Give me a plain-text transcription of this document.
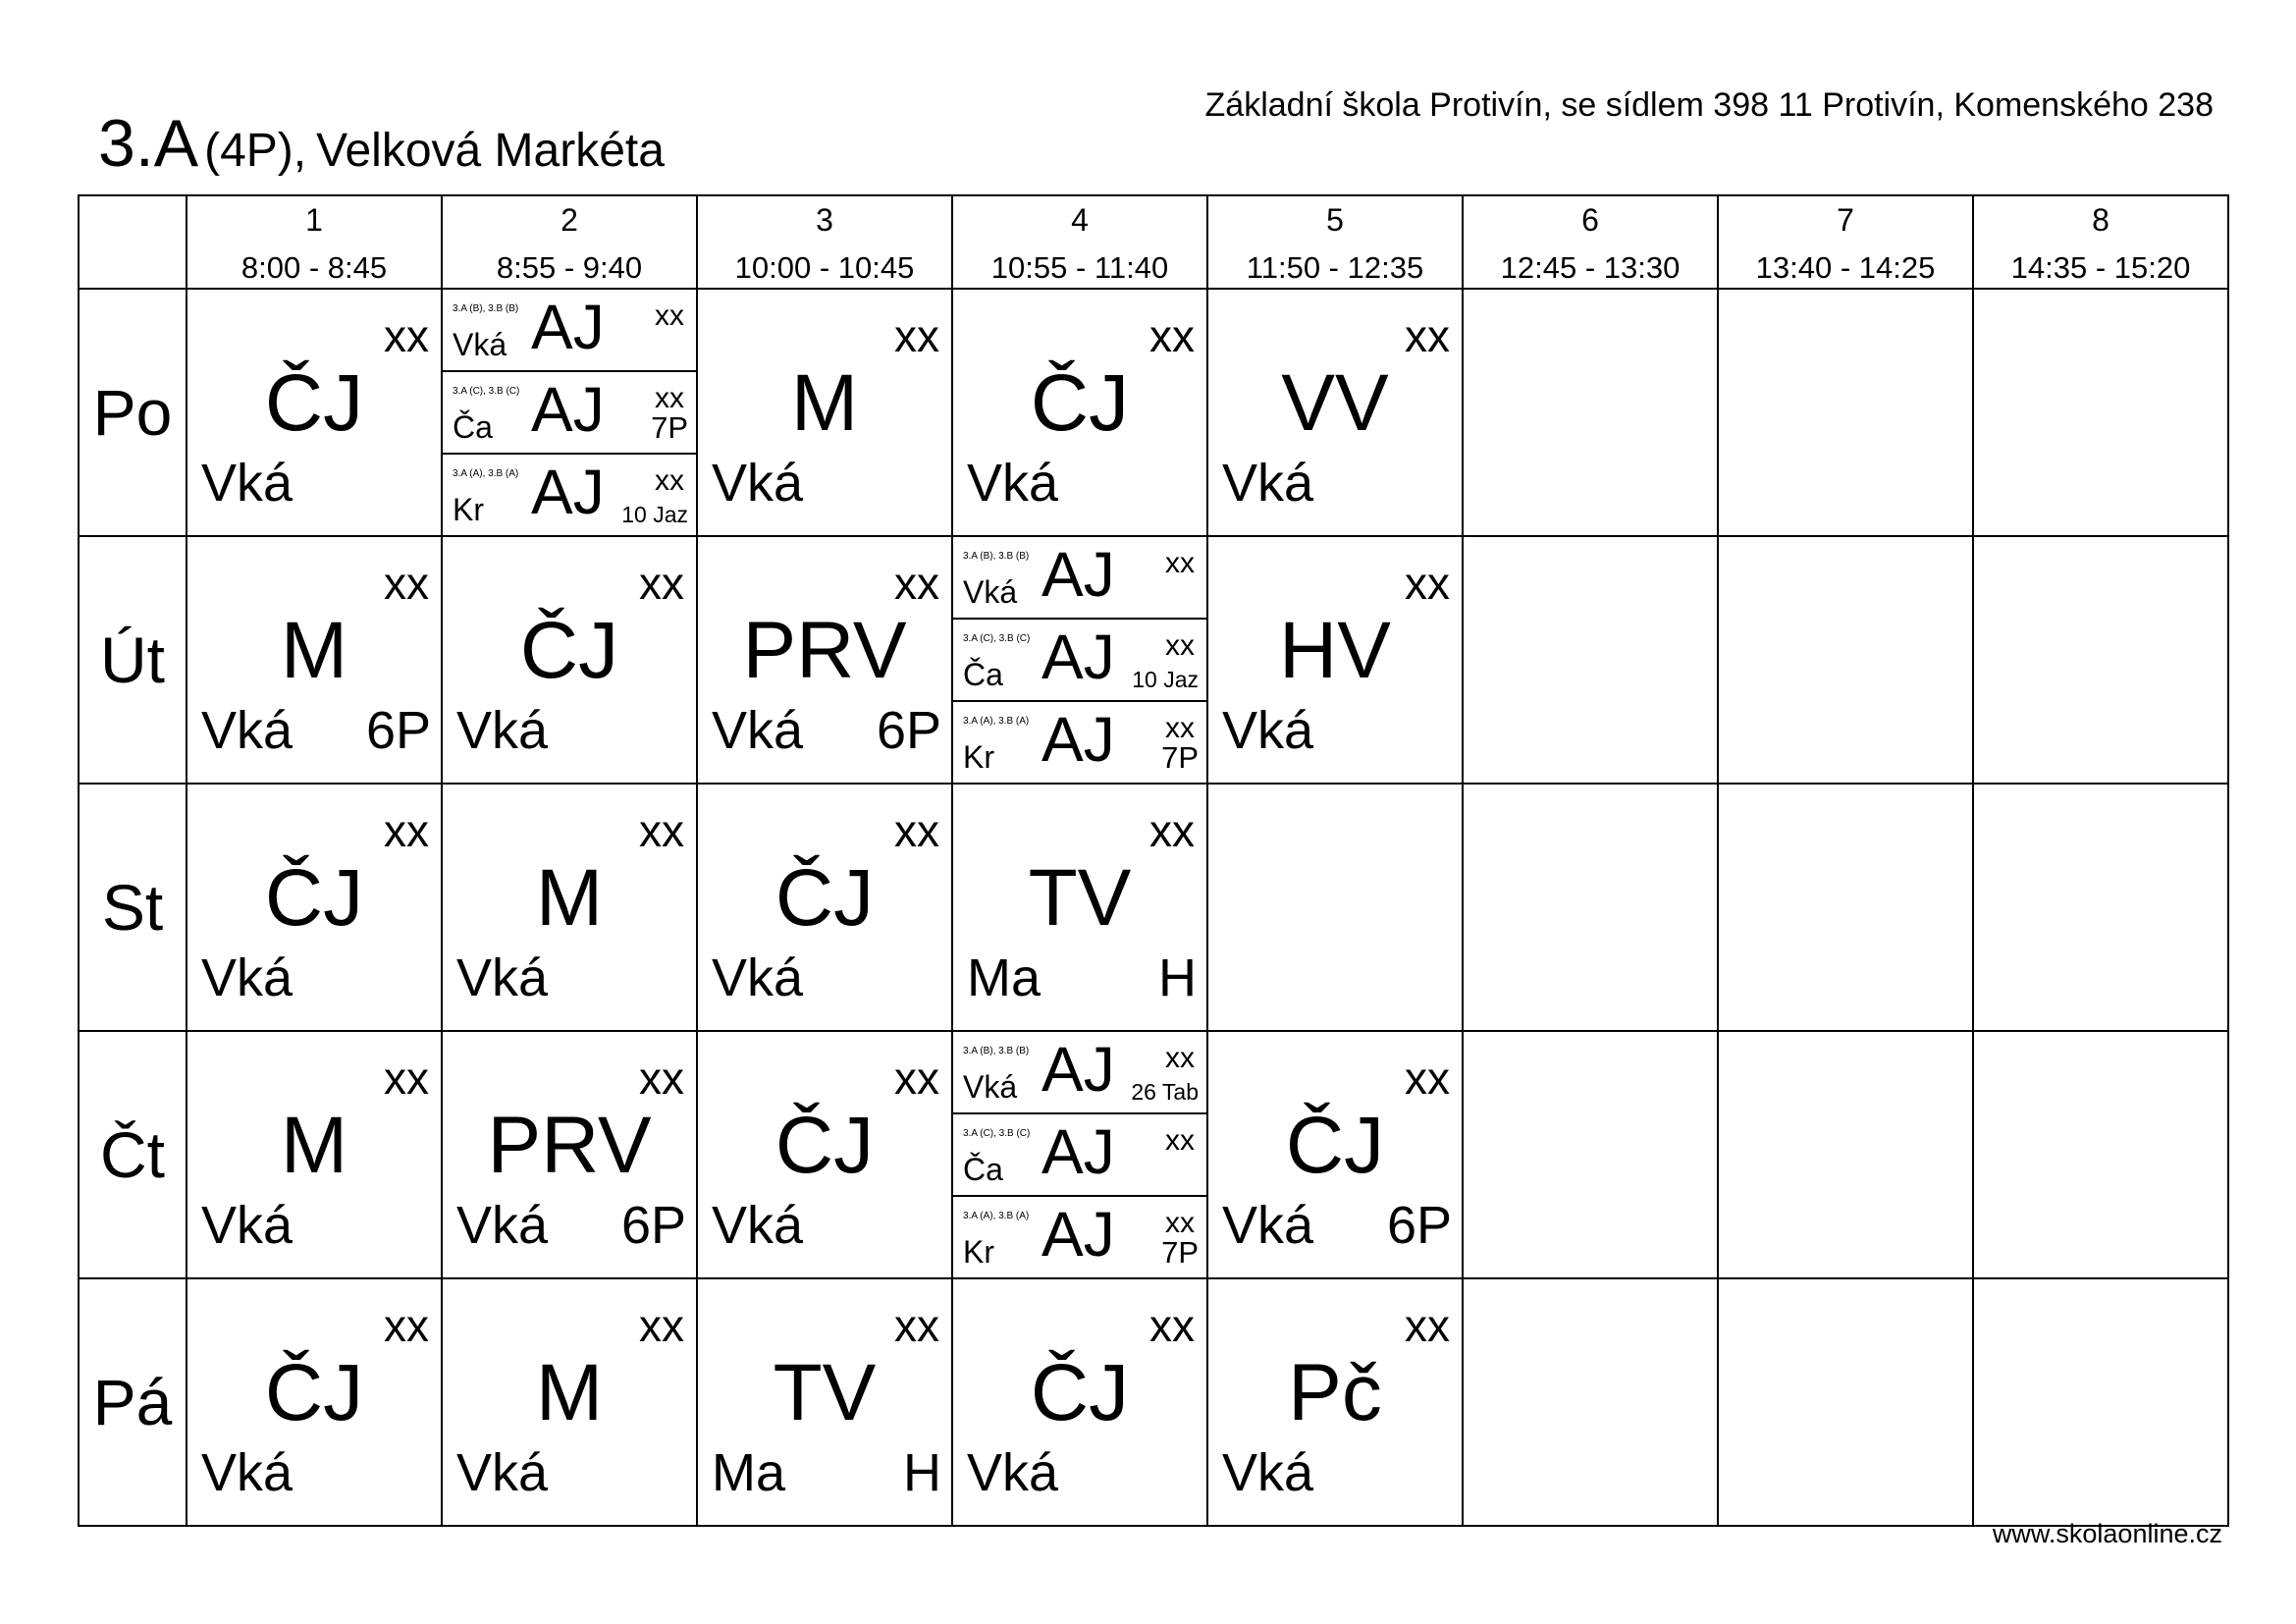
Základní škola Protivín, se sídlem 398 11 Protivín, Komenského 238
3.A (4P), Velková Markéta
1
8:00 - 8:45
2
8:55 - 9:40
3
10:00 - 10:45
4
10:55 - 11:40
5
11:50 - 12:35
6
12:45 - 13:30
7
13:40 - 14:25
8
14:35 - 15:20
Po
xx
ČJ
Vká
3.A (B), 3.B (B)
Vká AJ xx
3.A (C), 3.B (C)
Ča AJ xx
7P
3.A (A), 3.B (A)
Kr AJ xx
10 Jaz
xx
M
Vká
xx
ČJ
Vká
xx
VV
Vká
Út
xx
M
Vká 6P
xx
ČJ
Vká
xx
PRV
Vká 6P
3.A (B), 3.B (B)
Vká AJ xx
3.A (C), 3.B (C)
Ča AJ xx
10 Jaz
3.A (A), 3.B (A)
Kr AJ xx
7P
xx
HV
Vká
St
xx
ČJ
Vká
xx
M
Vká
xx
ČJ
Vká
xx
TV
Ma H
Čt
xx
M
Vká
xx
PRV
Vká 6P
xx
ČJ
Vká
3.A (B), 3.B (B)
Vká AJ xx
26 Tab
3.A (C), 3.B (C)
Ča AJ xx
3.A (A), 3.B (A)
Kr AJ xx
7P
xx
ČJ
Vká 6P
Pá
xx
ČJ
Vká
xx
M
Vká
xx
TV
Ma H
xx
ČJ
Vká
xx
Pč
Vká
www.skolaonline.cz
